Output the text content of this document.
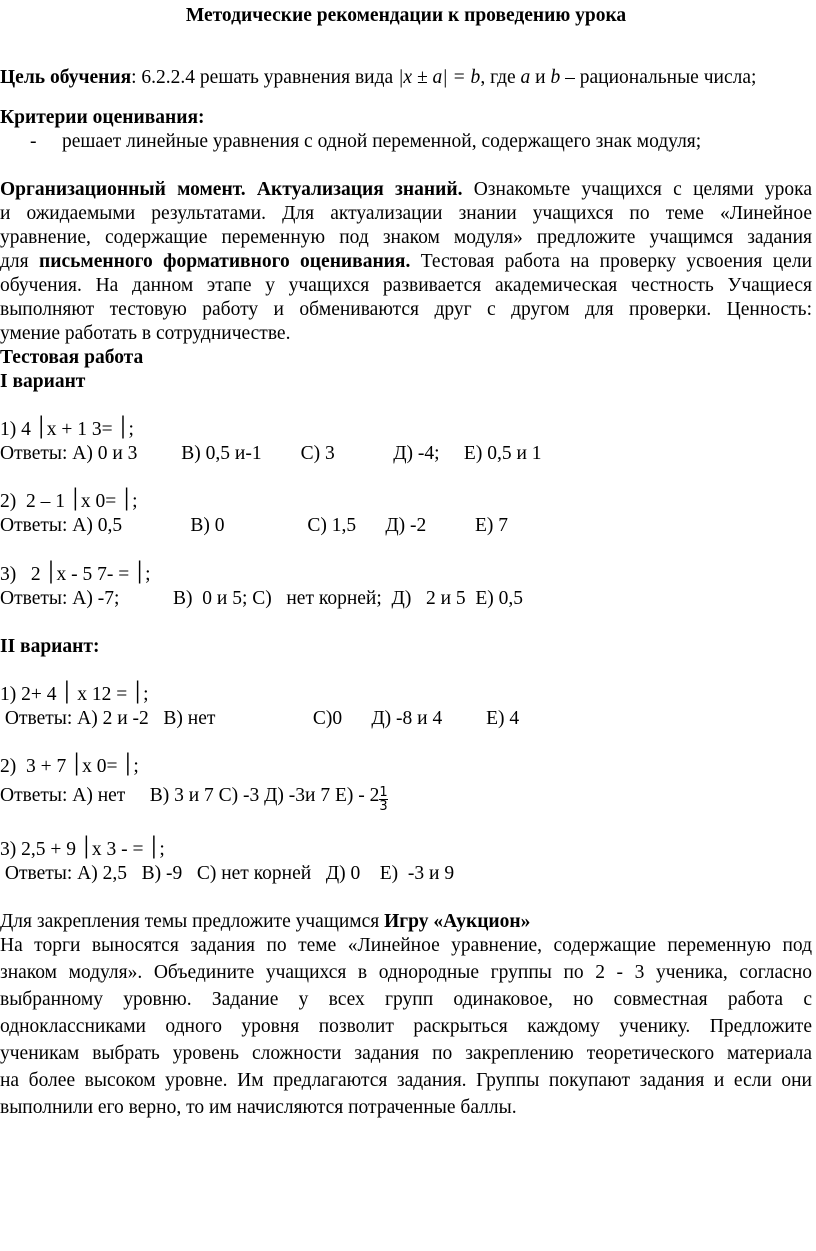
Методические рекомендации к проведению урока
Цель обучения: 6.2.2.4 решать уравнения вида |x ± a| = b, где a и b – рациональные числа;
Критерии оценивания:
-	решает линейные уравнения с одной переменной, содержащего знак модуля;
Организационный момент. Актуализация знаний. Ознакомьте учащихся с целями урока
и ожидаемыми результатами. Для актуализации знании учащихся по теме «Линейное
уравнение, содержащие переменную под знаком модуля» предложите учащимся задания
для письменного формативного оценивания. Тестовая работа на проверку усвоения цели
обучения. На данном этапе у учащихся развивается академическая честность Учащиеся
выполняют тестовую работу и обмениваются друг с другом для проверки. Ценность:
умение работать в сотрудничестве.
Тестовая работа
I вариант
1) ׀ 4x + 1 ׀ =3;
Ответы: А) 0 и 3         В) 0,5 и-1        С) 3            Д) -4;     Е) 0,5 и 1
2)  ׀ 1 – 2x ׀ =0;
Ответы: А) 0,5              В) 0                 С) 1,5      Д) -2          Е) 7
3)   ׀ 2x - 5 ׀ = -7;
Ответы: А) -7;           В)  0 и 5; С)   нет корней;  Д)   2 и 5  Е) 0,5
II вариант:
1) ׀ 4 +2 x ׀ = 12;
Ответы: А) 2 и -2   В) нет                    С)0      Д) -8 и 4         Е) 4
2)  ׀ 7 + 3x ׀ =0;
Ответы: А) нет     В) 3 и 7 С) -3 Д) -3и 7 $Е) - 2 \frac{1}{3}$
3) ׀ 9 + 2,5x ׀ = - 3;
Ответы: А) 2,5   В) -9   С) нет корней   Д) 0    Е)  -3 и 9
Для закрепления темы предложите учащимся Игру «Аукцион»
На торги выносятся задания по теме «Линейное уравнение, содержащие переменную под
знаком модуля». Объедините учащихся в однородные группы по 2 - 3 ученика, согласно
выбранному уровню. Задание у всех групп одинаковое, но совместная работа с
одноклассниками одного уровня позволит раскрыться каждому ученику. Предложите
ученикам выбрать уровень сложности задания по закреплению теоретического материала
на более высоком уровне. Им предлагаются задания. Группы покупают задания и если они
выполнили его верно, то им начисляются потраченные баллы.
